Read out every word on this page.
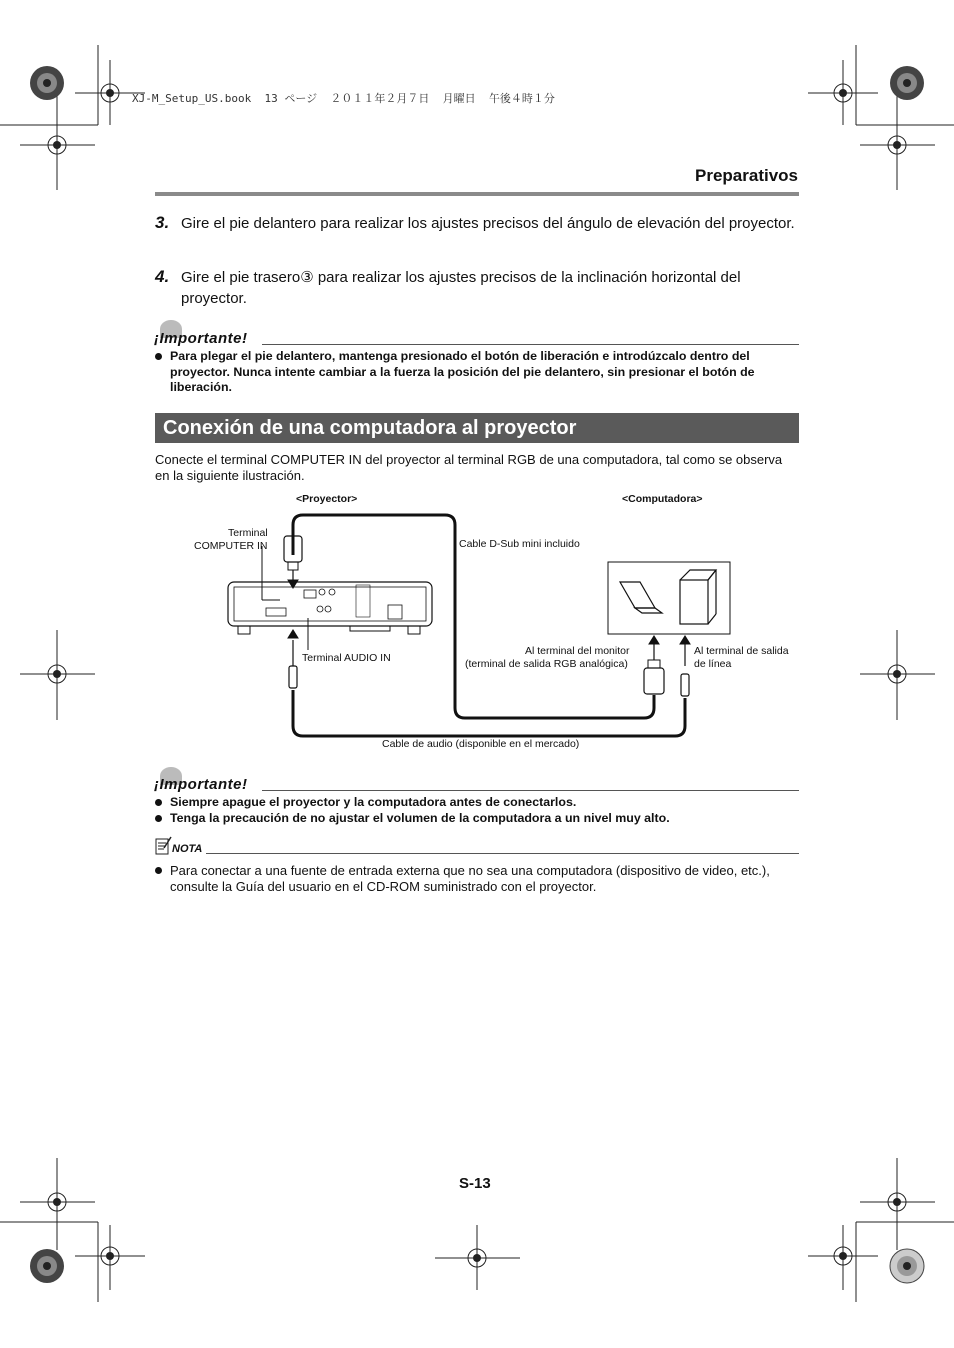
XJ-M_Setup_US.book  13 ページ  ２０１１年２月７日  月曜日  午後４時１分
Preparativos
3. Gire el pie delantero para realizar los ajustes precisos del ángulo de elevación del proyector.
4. Gire el pie trasero③ para realizar los ajustes precisos de la inclinación horizontal del proyector.
¡Importante!
Para plegar el pie delantero, mantenga presionado el botón de liberación e introdúzcalo dentro del proyector. Nunca intente cambiar a la fuerza la posición del pie delantero, sin presionar el botón de liberación.
Conexión de una computadora al proyector
Conecte el terminal COMPUTER IN del proyector al terminal RGB de una computadora, tal como se observa en la siguiente ilustración.
<Proyector>	<Computadora>
Terminal
COMPUTER IN	Cable D-Sub mini incluido
Terminal AUDIO IN
Al terminal del monitor
(terminal de salida RGB analógica)
Al terminal de salida
de línea
Cable de audio (disponible en el mercado)
¡Importante!
Siempre apague el proyector y la computadora antes de conectarlos.
Tenga la precaución de no ajustar el volumen de la computadora a un nivel muy alto.
NOTA
Para conectar a una fuente de entrada externa que no sea una computadora (dispositivo de video, etc.), consulte la Guía del usuario en el CD-ROM suministrado con el proyector.
S-13
